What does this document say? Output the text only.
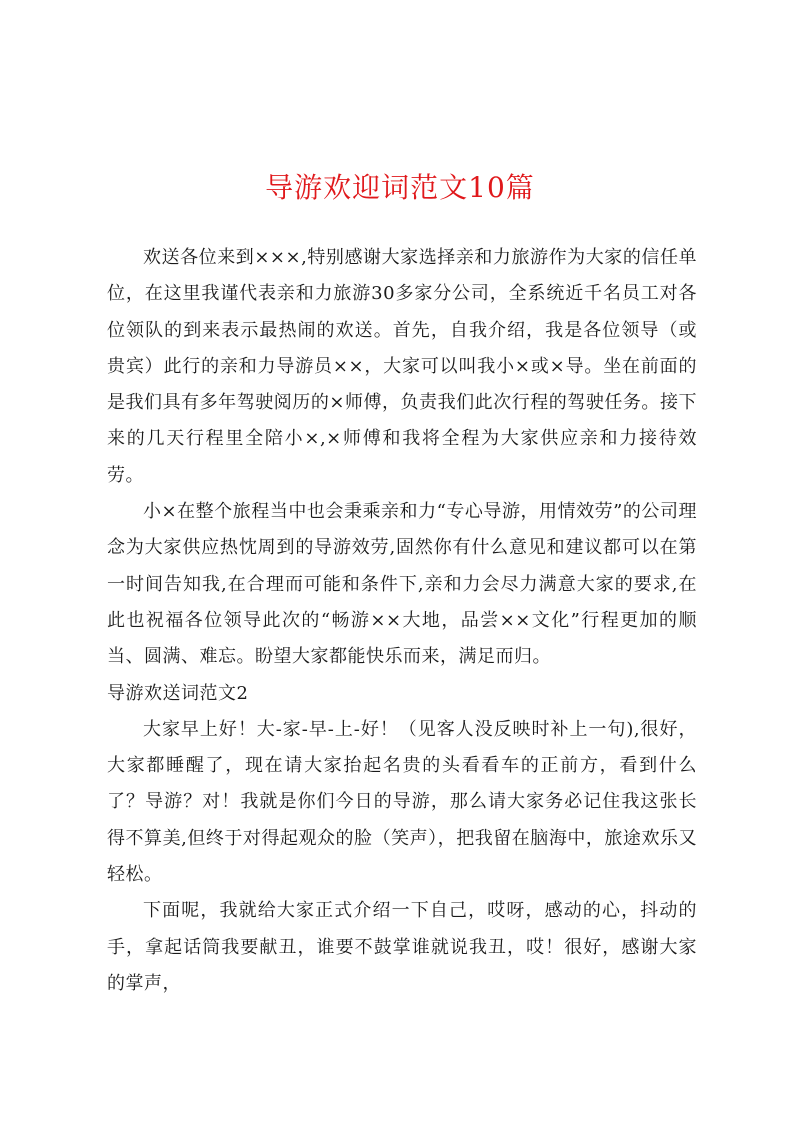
导游欢迎词范文10篇

欢送各位来到×××,特别感谢大家选择亲和力旅游作为大家的信任单位，在这里我谨代表亲和力旅游30多家分公司，全系统近千名员工对各位领队的到来表示最热闹的欢送。首先，自我介绍，我是各位领导（或贵宾）此行的亲和力导游员××，大家可以叫我小×或×导。坐在前面的是我们具有多年驾驶阅历的×师傅，负责我们此次行程的驾驶任务。接下来的几天行程里全陪小×,×师傅和我将全程为大家供应亲和力接待效劳。

小×在整个旅程当中也会秉乘亲和力“专心导游，用情效劳”的公司理念为大家供应热忱周到的导游效劳,固然你有什么意见和建议都可以在第一时间告知我,在合理而可能和条件下,亲和力会尽力满意大家的要求,在此也祝福各位领导此次的“畅游××大地，品尝××文化”行程更加的顺当、圆满、难忘。盼望大家都能快乐而来，满足而归。

导游欢送词范文2

大家早上好！大-家-早-上-好！（见客人没反映时补上一句),很好，大家都睡醒了，现在请大家抬起名贵的头看看车的正前方，看到什么了？导游？对！我就是你们今日的导游，那么请大家务必记住我这张长得不算美,但终于对得起观众的脸（笑声），把我留在脑海中，旅途欢乐又轻松。

下面呢，我就给大家正式介绍一下自己，哎呀，感动的心，抖动的手，拿起话筒我要献丑，谁要不鼓掌谁就说我丑，哎！很好，感谢大家的掌声，
